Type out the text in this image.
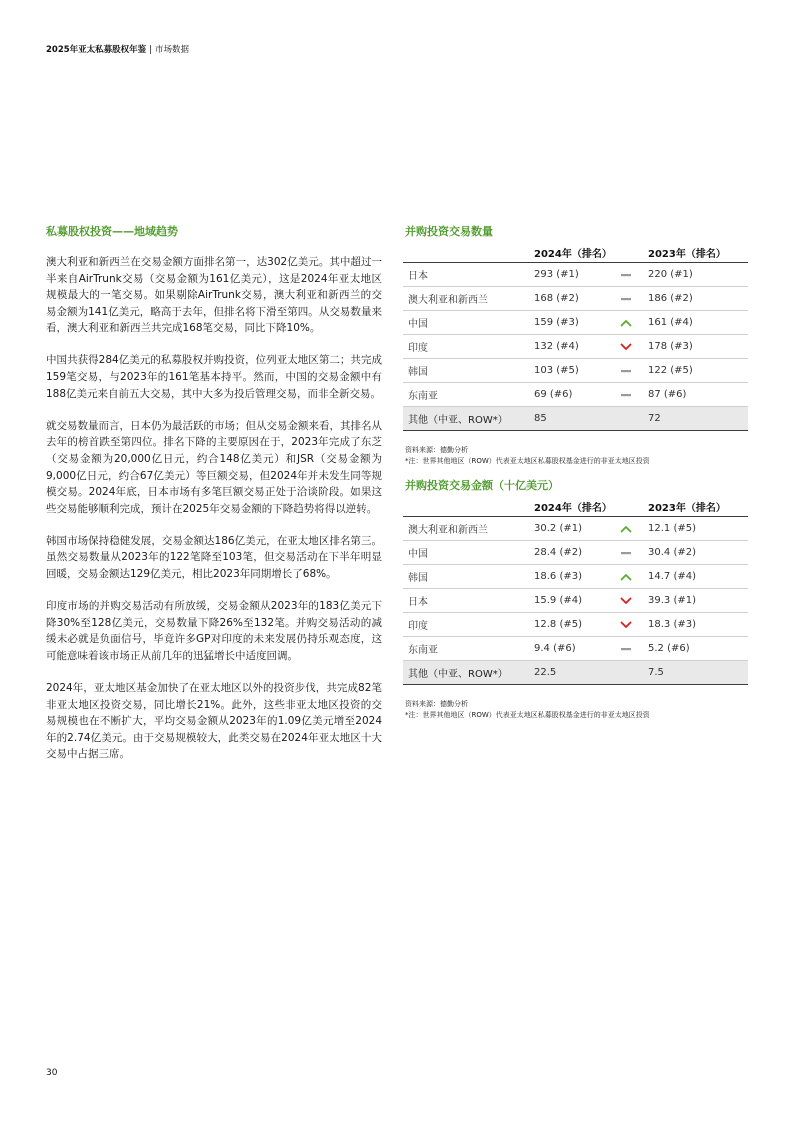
2025年亚太私募股权年鉴 | 市场数据
私募股权投资——地域趋势

澳大利亚和新西兰在交易金额方面排名第一，达302亿美元。其中超过一半来自AirTrunk交易（交易金额为161亿美元），这是2024年亚太地区规模最大的一笔交易。如果剔除AirTrunk交易，澳大利亚和新西兰的交易金额为141亿美元，略高于去年，但排名将下滑至第四。从交易数量来看，澳大利亚和新西兰共完成168笔交易，同比下降10%。

中国共获得284亿美元的私募股权并购投资，位列亚太地区第二；共完成159笔交易，与2023年的161笔基本持平。然而，中国的交易金额中有188亿美元来自前五大交易，其中大多为投后管理交易，而非全新交易。

就交易数量而言，日本仍为最活跃的市场；但从交易金额来看，其排名从去年的榜首跌至第四位。排名下降的主要原因在于，2023年完成了东芝（交易金额为20,000亿日元，约合148亿美元）和JSR（交易金额为9,000亿日元，约合67亿美元）等巨额交易，但2024年并未发生同等规模交易。2024年底，日本市场有多笔巨额交易正处于洽谈阶段。如果这些交易能够顺利完成，预计在2025年交易金额的下降趋势将得以逆转。

韩国市场保持稳健发展，交易金额达186亿美元，在亚太地区排名第三。虽然交易数量从2023年的122笔降至103笔，但交易活动在下半年明显回暖，交易金额达129亿美元，相比2023年同期增长了68%。

印度市场的并购交易活动有所放缓，交易金额从2023年的183亿美元下降30%至128亿美元，交易数量下降26%至132笔。并购交易活动的减缓未必就是负面信号，毕竟许多GP对印度的未来发展仍持乐观态度，这可能意味着该市场正从前几年的迅猛增长中适度回调。

2024年，亚太地区基金加快了在亚太地区以外的投资步伐，共完成82笔非亚太地区投资交易，同比增长21%。此外，这些非亚太地区投资的交易规模也在不断扩大，平均交易金额从2023年的1.09亿美元增至2024年的2.74亿美元。由于交易规模较大，此类交易在2024年亚太地区十大交易中占据三席。

并购投资交易数量
	2024年（排名）		2023年（排名）
日本	293 (#1)		220 (#1)
澳大利亚和新西兰	168 (#2)		186 (#2)
中国	159 (#3)		161 (#4)
印度	132 (#4)		178 (#3)
韩国	103 (#5)		122 (#5)
东南亚	69 (#6)		87 (#6)
其他（中亚、ROW*）	85		72
资料来源：德勤分析
*注：世界其他地区（ROW）代表亚太地区私募股权基金进行的非亚太地区投资
并购投资交易金额（十亿美元）
	2024年（排名）		2023年（排名）
澳大利亚和新西兰	30.2 (#1)		12.1 (#5)
中国	28.4 (#2)		30.4 (#2)
韩国	18.6 (#3)		14.7 (#4)
日本	15.9 (#4)		39.3 (#1)
印度	12.8 (#5)		18.3 (#3)
东南亚	9.4 (#6)		5.2 (#6)
其他（中亚、ROW*）	22.5		7.5
资料来源：德勤分析
*注：世界其他地区（ROW）代表亚太地区私募股权基金进行的非亚太地区投资
30
